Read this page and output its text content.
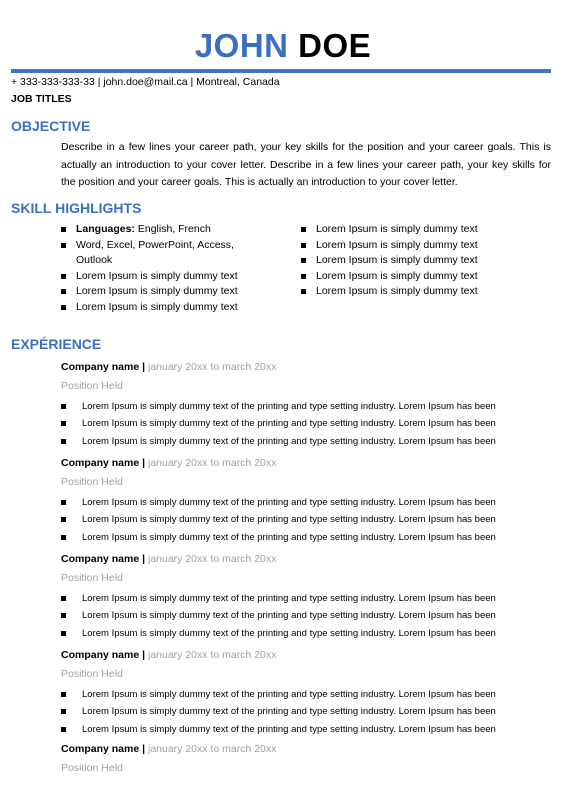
JOHN DOE
+ 333-333-333-33 | john.doe@mail.ca | Montreal, Canada
JOB TITLES
OBJECTIVE
Describe in a few lines your career path, your key skills for the position and your career goals. This is actually an introduction to your cover letter. Describe in a few lines your career path, your key skills for the position and your career goals. This is actually an introduction to your cover letter.
SKILL HIGHLIGHTS
Languages: English, French
Word, Excel, PowerPoint, Access, Outlook
Lorem Ipsum is simply dummy text
Lorem Ipsum is simply dummy text
Lorem Ipsum is simply dummy text
Lorem Ipsum is simply dummy text
Lorem Ipsum is simply dummy text
Lorem Ipsum is simply dummy text
Lorem Ipsum is simply dummy text
Lorem Ipsum is simply dummy text
EXPÉRIENCE
Company name | january 20xx to march 20xx
Position Held
Lorem Ipsum is simply dummy text of the printing and type setting industry. Lorem Ipsum has been
Lorem Ipsum is simply dummy text of the printing and type setting industry. Lorem Ipsum has been
Lorem Ipsum is simply dummy text of the printing and type setting industry. Lorem Ipsum has been
Company name | january 20xx to march 20xx
Position Held
Lorem Ipsum is simply dummy text of the printing and type setting industry. Lorem Ipsum has been
Lorem Ipsum is simply dummy text of the printing and type setting industry. Lorem Ipsum has been
Lorem Ipsum is simply dummy text of the printing and type setting industry. Lorem Ipsum has been
Company name | january 20xx to march 20xx
Position Held
Lorem Ipsum is simply dummy text of the printing and type setting industry. Lorem Ipsum has been
Lorem Ipsum is simply dummy text of the printing and type setting industry. Lorem Ipsum has been
Lorem Ipsum is simply dummy text of the printing and type setting industry. Lorem Ipsum has been
Company name | january 20xx to march 20xx
Position Held
Lorem Ipsum is simply dummy text of the printing and type setting industry. Lorem Ipsum has been
Lorem Ipsum is simply dummy text of the printing and type setting industry. Lorem Ipsum has been
Lorem Ipsum is simply dummy text of the printing and type setting industry. Lorem Ipsum has been
Company name | january 20xx to march 20xx
Position Held
